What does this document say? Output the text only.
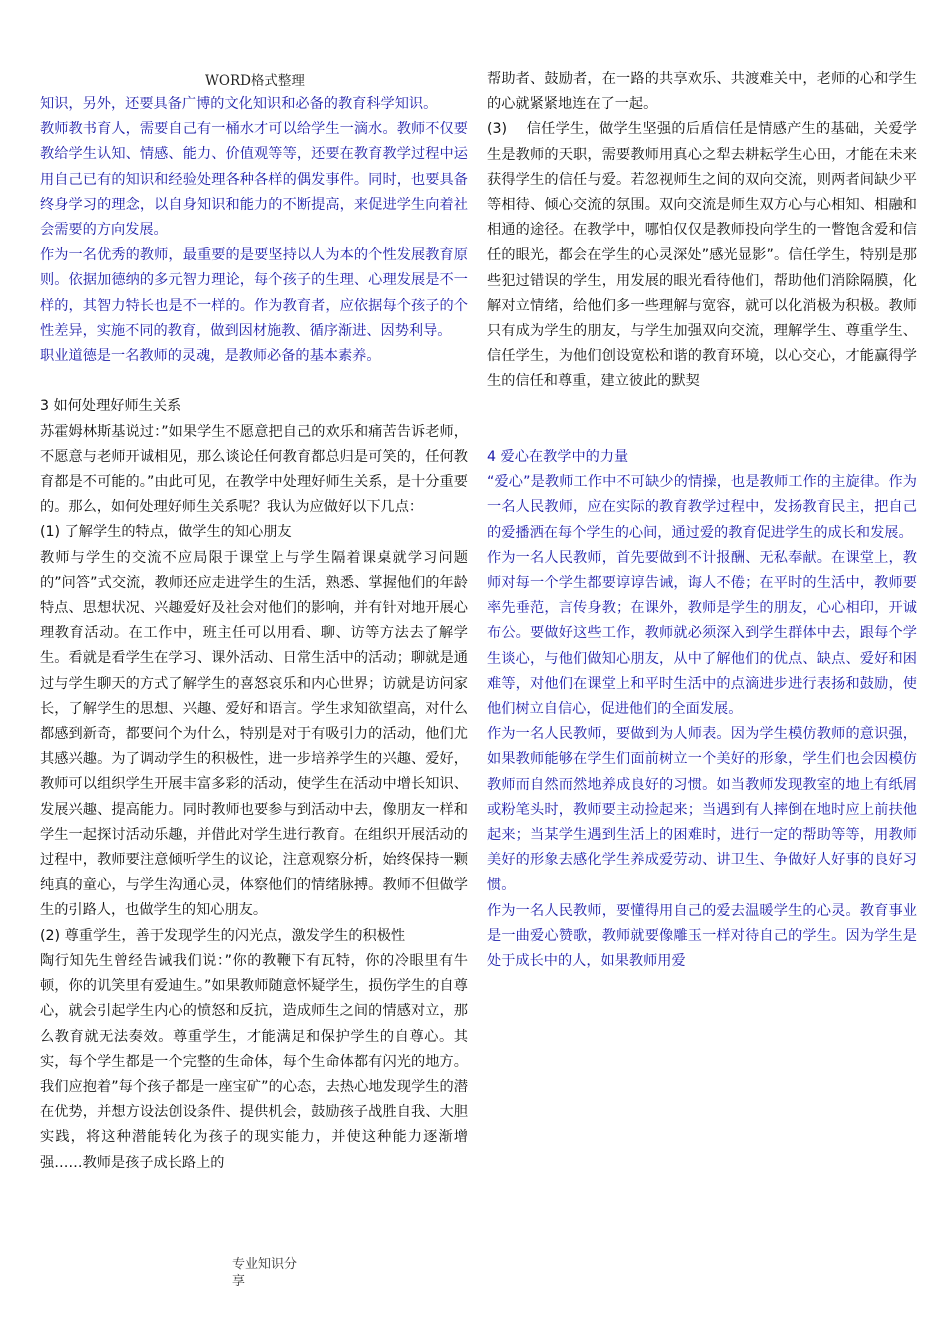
WORD格式整理

知识，另外，还要具备广博的文化知识和必备的教育科学知识。

教师教书育人，需要自己有一桶水才可以给学生一滴水。教师不仅要教给学生认知、情感、能力、价值观等等，还要在教育教学过程中运用自己已有的知识和经验处理各种各样的偶发事件。同时，也要具备终身学习的理念，以自身知识和能力的不断提高，来促进学生向着社会需要的方向发展。

作为一名优秀的教师，最重要的是要坚持以人为本的个性发展教育原则。依据加德纳的多元智力理论，每个孩子的生理、心理发展是不一样的，其智力特长也是不一样的。作为教育者，应依据每个孩子的个性差异，实施不同的教育，做到因材施教、循序渐进、因势利导。

职业道德是一名教师的灵魂，是教师必备的基本素养。

3 如何处理好师生关系

苏霍姆林斯基说过：”如果学生不愿意把自己的欢乐和痛苦告诉老师，不愿意与老师开诚相见，那么谈论任何教育都总归是可笑的，任何教育都是不可能的。”由此可见，在教学中处理好师生关系，是十分重要的。那么，如何处理好师生关系呢？我认为应做好以下几点：

(1) 了解学生的特点，做学生的知心朋友

教师与学生的交流不应局限于课堂上与学生隔着课桌就学习问题的”问答”式交流，教师还应走进学生的生活，熟悉、掌握他们的年龄特点、思想状况、兴趣爱好及社会对他们的影响，并有针对地开展心理教育活动。在工作中，班主任可以用看、聊、访等方法去了解学生。看就是看学生在学习、课外活动、日常生活中的活动；聊就是通过与学生聊天的方式了解学生的喜怒哀乐和内心世界；访就是访问家长，了解学生的思想、兴趣、爱好和语言。学生求知欲望高，对什么都感到新奇，都要问个为什么，特别是对于有吸引力的活动，他们尤其感兴趣。为了调动学生的积极性，进一步培养学生的兴趣、爱好，教师可以组织学生开展丰富多彩的活动，使学生在活动中增长知识、发展兴趣、提高能力。同时教师也要参与到活动中去，像朋友一样和学生一起探讨活动乐趣，并借此对学生进行教育。在组织开展活动的过程中，教师要注意倾听学生的议论，注意观察分析，始终保持一颗纯真的童心，与学生沟通心灵，体察他们的情绪脉搏。教师不但做学生的引路人，也做学生的知心朋友。

(2) 尊重学生，善于发现学生的闪光点，激发学生的积极性

陶行知先生曾经告诫我们说：”你的教鞭下有瓦特，你的冷眼里有牛顿，你的讥笑里有爱迪生。”如果教师随意怀疑学生，损伤学生的自尊心，就会引起学生内心的愤怒和反抗，造成师生之间的情感对立，那么教育就无法奏效。尊重学生，才能满足和保护学生的自尊心。其实，每个学生都是一个完整的生命体，每个生命体都有闪光的地方。我们应抱着”每个孩子都是一座宝矿”的心态，去热心地发现学生的潜在优势，并想方设法创设条件、提供机会，鼓励孩子战胜自我、大胆实践，将这种潜能转化为孩子的现实能力，并使这种能力逐渐增强……教师是孩子成长路上的

帮助者、鼓励者，在一路的共享欢乐、共渡难关中，老师的心和学生的心就紧紧地连在了一起。

(3)　 信任学生，做学生坚强的后盾信任是情感产生的基础，关爱学生是教师的天职，需要教师用真心之犁去耕耘学生心田，才能在未来获得学生的信任与爱。若忽视师生之间的双向交流，则两者间缺少平等相待、倾心交流的氛围。双向交流是师生双方心与心相知、相融和相通的途径。在教学中，哪怕仅仅是教师投向学生的一瞥饱含爱和信任的眼光，都会在学生的心灵深处”感光显影”。信任学生，特别是那些犯过错误的学生，用发展的眼光看待他们，帮助他们消除隔膜，化解对立情绪，给他们多一些理解与宽容，就可以化消极为积极。教师只有成为学生的朋友，与学生加强双向交流，理解学生、尊重学生、信任学生，为他们创设宽松和谐的教育环境，以心交心，才能赢得学生的信任和尊重，建立彼此的默契

4 爱心在教学中的力量

“爱心”是教师工作中不可缺少的情操，也是教师工作的主旋律。作为一名人民教师，应在实际的教育教学过程中，发扬教育民主，把自己的爱播洒在每个学生的心间，通过爱的教育促进学生的成长和发展。

作为一名人民教师，首先要做到不计报酬、无私奉献。在课堂上，教师对每一个学生都要谆谆告诫，诲人不倦；在平时的生活中，教师要率先垂范，言传身教；在课外，教师是学生的朋友，心心相印，开诚布公。要做好这些工作，教师就必须深入到学生群体中去，跟每个学生谈心，与他们做知心朋友，从中了解他们的优点、缺点、爱好和困难等，对他们在课堂上和平时生活中的点滴进步进行表扬和鼓励，使他们树立自信心，促进他们的全面发展。

作为一名人民教师，要做到为人师表。因为学生模仿教师的意识强，如果教师能够在学生们面前树立一个美好的形象，学生们也会因模仿教师而自然而然地养成良好的习惯。如当教师发现教室的地上有纸屑或粉笔头时，教师要主动捡起来；当遇到有人摔倒在地时应上前扶他起来；当某学生遇到生活上的困难时，进行一定的帮助等等，用教师美好的形象去感化学生养成爱劳动、讲卫生、争做好人好事的良好习惯。

作为一名人民教师，要懂得用自己的爱去温暖学生的心灵。教育事业是一曲爱心赞歌，教师就要像雕玉一样对待自己的学生。因为学生是处于成长中的人，如果教师用爱

专业知识分享
